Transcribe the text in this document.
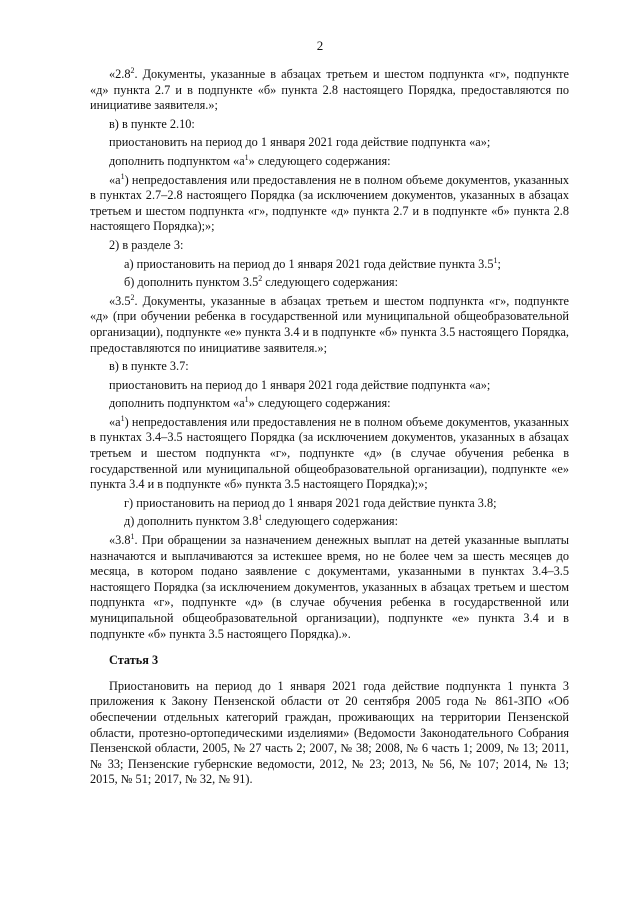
2

«$2.8^2$. Документы, указанные в абзацах третьем и шестом подпункта «г», подпункте «д» пункта 2.7 и в подпункте «б» пункта 2.8 настоящего Порядка, предоставляются по инициативе заявителя.»;

в) в пункте 2.10:

приостановить на период до 1 января 2021 года действие подпункта «а»;

дополнить подпунктом «$а^1$» следующего содержания:

«$а^1$) непредоставления или предоставления не в полном объеме документов, указанных в пунктах 2.7–2.8 настоящего Порядка (за исключением документов, указанных в абзацах третьем и шестом подпункта «г», подпункте «д» пункта 2.7 и в подпункте «б» пункта 2.8 настоящего Порядка);»;

2) в разделе 3:

а) приостановить на период до 1 января 2021 года действие пункта $3.5^1$;

б) дополнить пунктом $3.5^2$ следующего содержания:

«$3.5^2$. Документы, указанные в абзацах третьем и шестом подпункта «г», подпункте «д» (при обучении ребенка в государственной или муниципальной общеобразовательной организации), подпункте «е» пункта 3.4 и в подпункте «б» пункта 3.5 настоящего Порядка, предоставляются по инициативе заявителя.»;

в) в пункте 3.7:

приостановить на период до 1 января 2021 года действие подпункта «а»;

дополнить подпунктом «$а^1$» следующего содержания:

«$а^1$) непредоставления или предоставления не в полном объеме документов, указанных в пунктах 3.4–3.5 настоящего Порядка (за исключением документов, указанных в абзацах третьем и шестом подпункта «г», подпункте «д» (в случае обучения ребенка в государственной или муниципальной общеобразовательной организации), подпункте «е» пункта 3.4 и в подпункте «б» пункта 3.5 настоящего Порядка);»;

г) приостановить на период до 1 января 2021 года действие пункта 3.8;

д) дополнить пунктом $3.8^1$ следующего содержания:

«$3.8^1$. При обращении за назначением денежных выплат на детей указанные выплаты назначаются и выплачиваются за истекшее время, но не более чем за шесть месяцев до месяца, в котором подано заявление с документами, указанными в пунктах 3.4–3.5 настоящего Порядка (за исключением документов, указанных в абзацах третьем и шестом подпункта «г», подпункте «д» (в случае обучения ребенка в государственной или муниципальной общеобразовательной организации), подпункте «е» пункта 3.4 и в подпункте «б» пункта 3.5 настоящего Порядка).».

Статья 3

Приостановить на период до 1 января 2021 года действие подпункта 1 пункта 3 приложения к Закону Пензенской области от 20 сентября 2005 года № 861-ЗПО «Об обеспечении отдельных категорий граждан, проживающих на территории Пензенской области, протезно-ортопедическими изделиями» (Ведомости Законодательного Собрания Пензенской области, 2005, № 27 часть 2; 2007, № 38; 2008, № 6 часть 1; 2009, № 13; 2011, № 33; Пензенские губернские ведомости, 2012, № 23; 2013, № 56, № 107; 2014, № 13; 2015, № 51; 2017, № 32, № 91).
